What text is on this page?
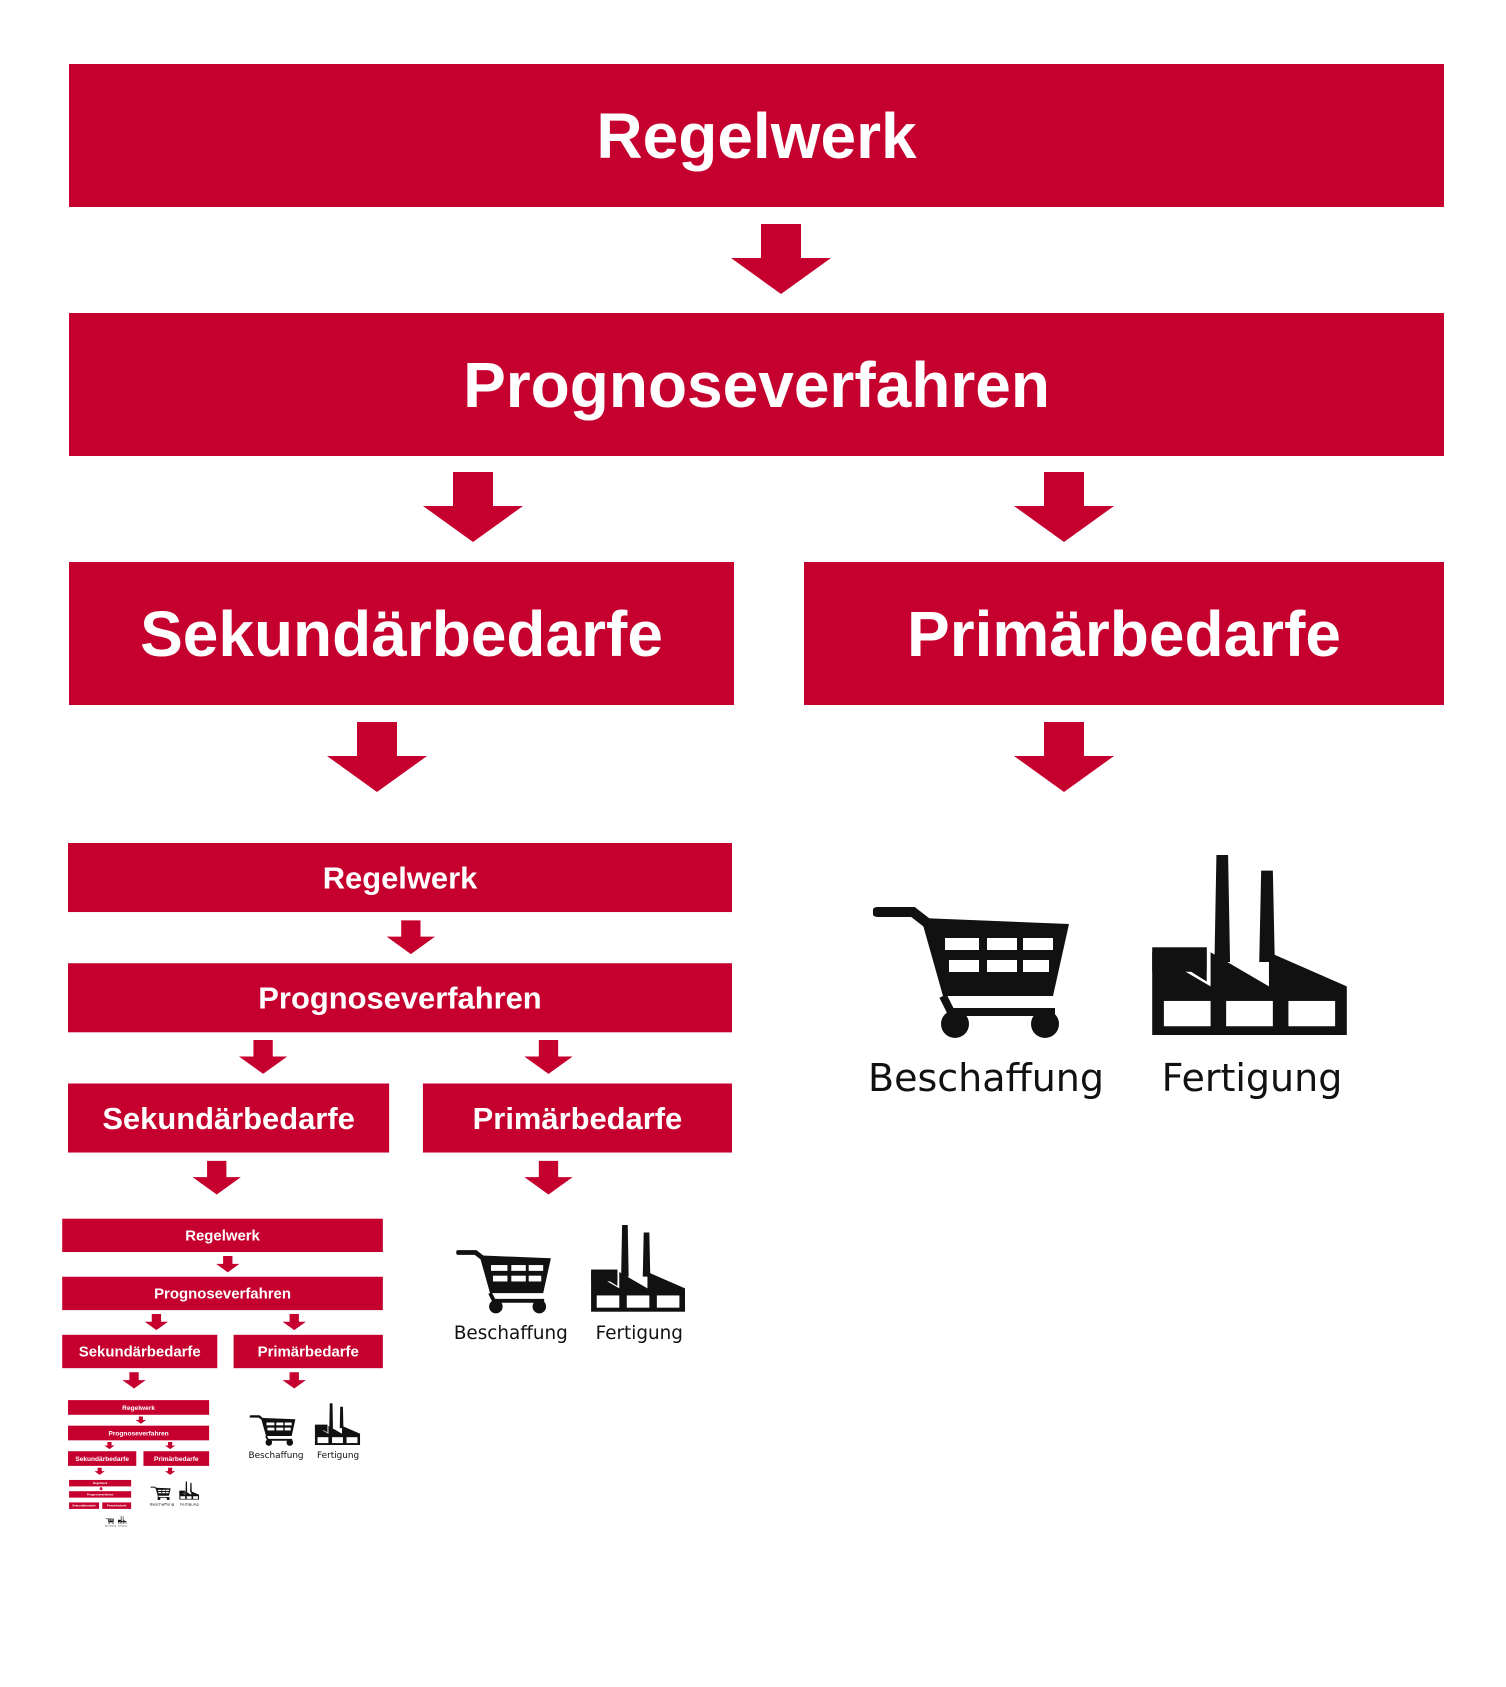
Regelwerk
Prognoseverfahren
Sekundärbedarfe	Primärbedarfe
Beschaffung Fertigung
Regelwerk
Prognoseverfahren
Sekundärbedarfe Primärbedarfe
Beschaffung Fertigung
Regelwerk
Prognoseverfahren
Sekundärbedarfe Primärbedarfe
Beschaffung Fertigung
Regelwerk
Prognoseverfahren
Sekundärbedarfe Primärbedarfe
Beschaffung Fertigung
Regelwerk
Prognoseverfahren
Sekundärbedarfe Primärbedarfe
Beschaffung Fertigung
